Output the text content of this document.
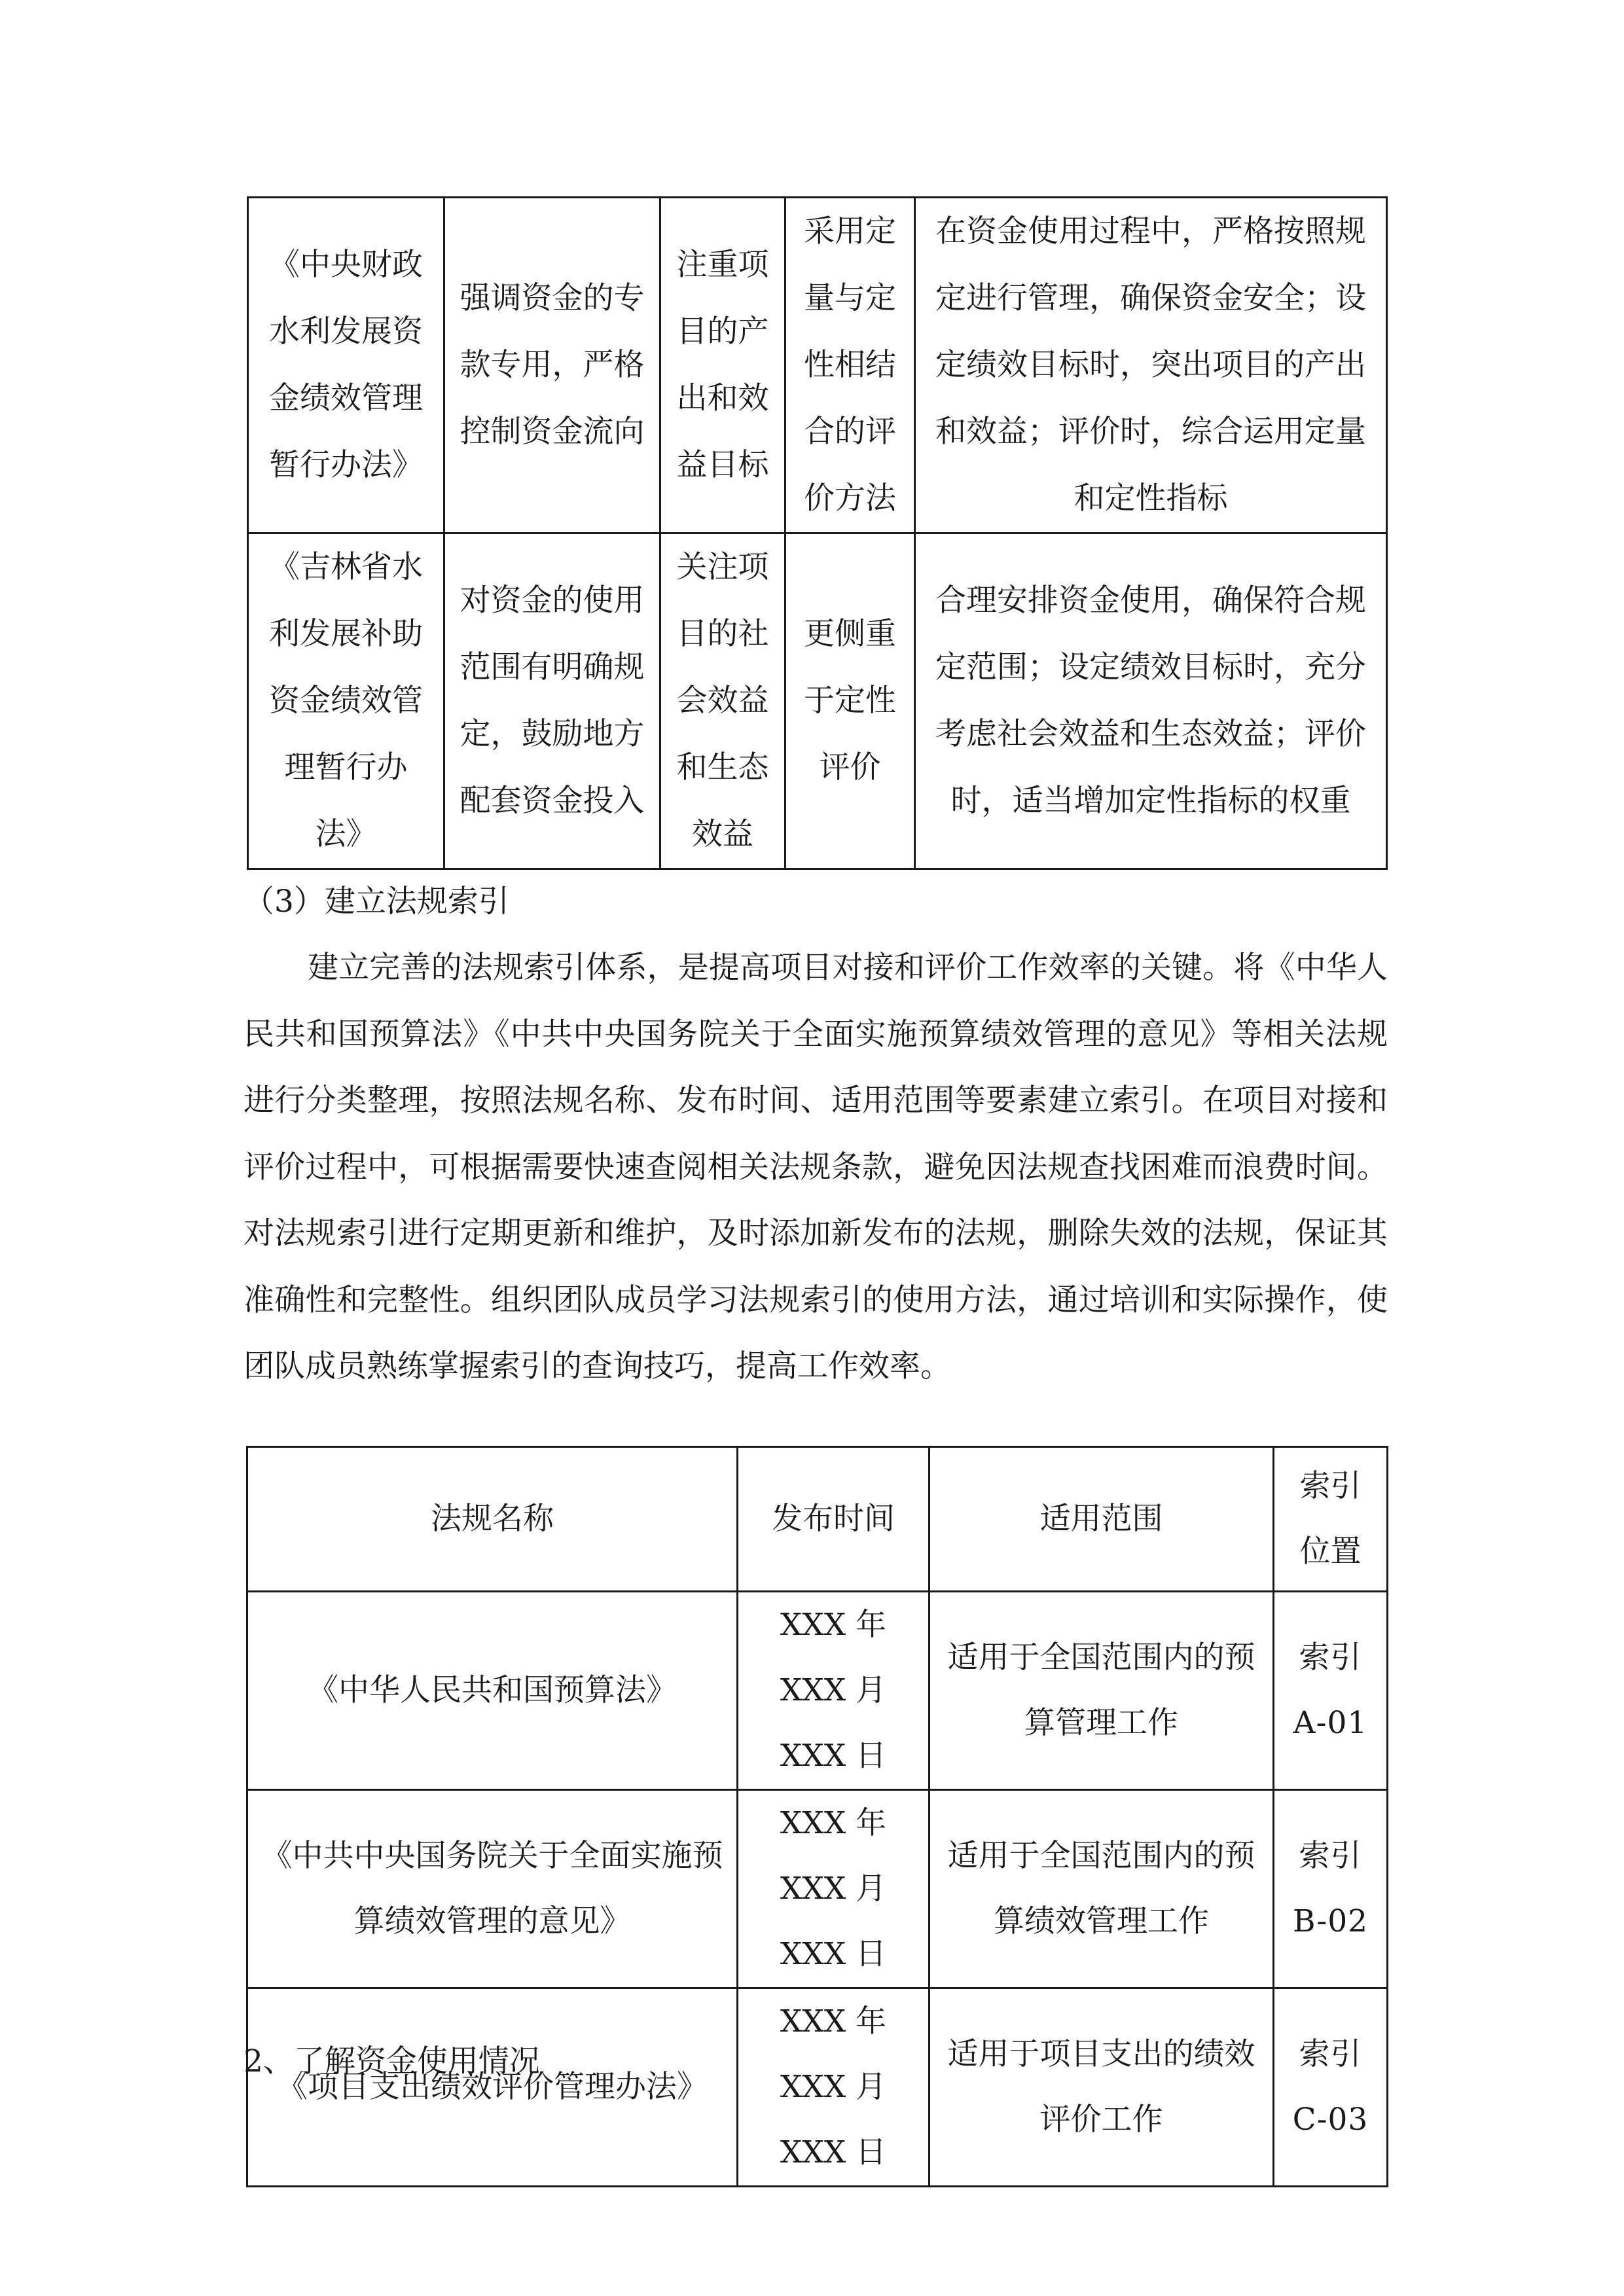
《中央财政
水利发展资
金绩效管理
暂行办法》	强调资金的专
款专用，严格
控制资金流向	注重项
目的产
出和效
益目标	采用定
量与定
性相结
合的评
价方法	在资金使用过程中，严格按照规定进行管理，确保资金安全；设定绩效目标时，突出项目的产出和效益；评价时，综合运用定量和定性指标
《吉林省水
利发展补助
资金绩效管
理暂行办
法》	对资金的使用
范围有明确规
定，鼓励地方
配套资金投入	关注项
目的社
会效益
和生态
效益	更侧重
于定性
评价	合理安排资金使用，确保符合规定范围；设定绩效目标时，充分考虑社会效益和生态效益；评价时，适当增加定性指标的权重
（3）建立法规索引

建立完善的法规索引体系，是提高项目对接和评价工作效率的关键。将《中华人民共和国预算法》《中共中央国务院关于全面实施预算绩效管理的意见》等相关法规进行分类整理，按照法规名称、发布时间、适用范围等要素建立索引。在项目对接和评价过程中，可根据需要快速查阅相关法规条款，避免因法规查找困难而浪费时间。对法规索引进行定期更新和维护，及时添加新发布的法规，删除失效的法规，保证其准确性和完整性。组织团队成员学习法规索引的使用方法，通过培训和实际操作，使团队成员熟练掌握索引的查询技巧，提高工作效率。

法规名称	发布时间	适用范围	索引
位置
《中华人民共和国预算法》	XXX 年 XXX 月
XXX 日	适用于全国范围内的预
算管理工作	索引
A-01
《中共中央国务院关于全面实施预
算绩效管理的意见》	XXX 年 XXX 月
XXX 日	适用于全国范围内的预
算绩效管理工作	索引
B-02
《项目支出绩效评价管理办法》	XXX 年 XXX 月
XXX 日	适用于项目支出的绩效
评价工作	索引
C-03
2、了解资金使用情况
